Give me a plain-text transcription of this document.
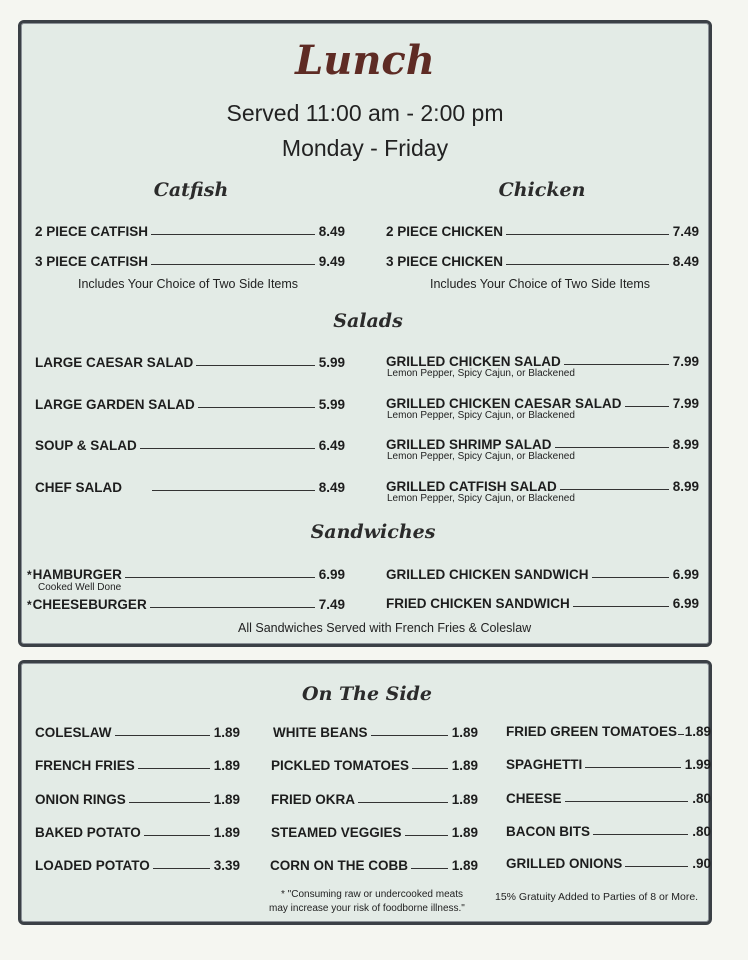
Lunch
Served 11:00 am - 2:00 pm
Monday - Friday
Catfish	Chicken
2 PIECE CATFISH	8.49
3 PIECE CATFISH	9.49
Includes Your Choice of Two Side Items
2 PIECE CHICKEN	7.49
3 PIECE CHICKEN	8.49
Includes Your Choice of Two Side Items
Salads
LARGE CAESAR SALAD	5.99
LARGE GARDEN SALAD	5.99
SOUP & SALAD	6.49
CHEF SALAD	8.49
GRILLED CHICKEN SALAD	7.99
Lemon Pepper, Spicy Cajun, or Blackened
GRILLED CHICKEN CAESAR SALAD	7.99
Lemon Pepper, Spicy Cajun, or Blackened
GRILLED SHRIMP SALAD	8.99
Lemon Pepper, Spicy Cajun, or Blackened
GRILLED CATFISH SALAD	8.99
Lemon Pepper, Spicy Cajun, or Blackened
Sandwiches
* HAMBURGER	6.99
Cooked Well Done
* CHEESEBURGER	7.49
GRILLED CHICKEN SANDWICH	6.99
FRIED CHICKEN SANDWICH	6.99
All Sandwiches Served with French Fries & Coleslaw
On The Side
COLESLAW	1.89
FRENCH FRIES	1.89
ONION RINGS	1.89
BAKED POTATO	1.89
LOADED POTATO	3.39
WHITE BEANS	1.89
PICKLED TOMATOES	1.89
FRIED OKRA	1.89
STEAMED VEGGIES	1.89
CORN ON THE COBB	1.89
FRIED GREEN TOMATOES 1.89
SPAGHETTI	1.99
CHEESE	.80
BACON BITS	.80
GRILLED ONIONS	.90
* "Consuming raw or undercooked meats
may increase your risk of foodborne illness."
15% Gratuity Added to Parties of 8 or More.
